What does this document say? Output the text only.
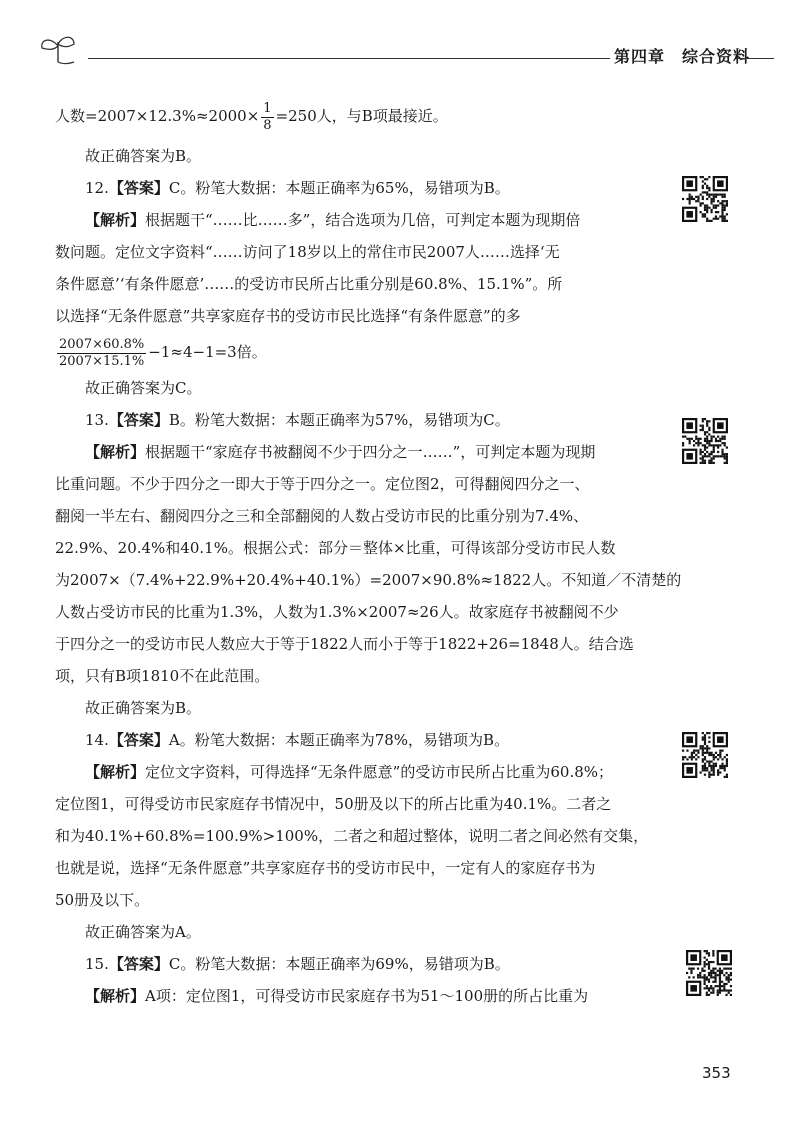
第四章　综合资料
人数$=2007\times 12.3\%\approx 2000\times \frac{1}{8} =250$人，与B项最接近。
故正确答案为B。
12.【答案】C。粉笔大数据：本题正确率为65%，易错项为B。
【解析】根据题干“……比……多”，结合选项为几倍，可判定本题为现期倍
数问题。定位文字资料“……访问了18岁以上的常住市民2007人……选择‘无
条件愿意’‘有条件愿意’……的受访市民所占比重分别是60.8%、15.1%”。所
以选择“无条件愿意”共享家庭存书的受访市民比选择“有条件愿意”的多
$\frac{2007\times 60.8\%}{2007\times 15.1\%} -1\approx 4-1=3$倍。
故正确答案为C。
13.【答案】B。粉笔大数据：本题正确率为57%，易错项为C。
【解析】根据题干“家庭存书被翻阅不少于四分之一……”，可判定本题为现期
比重问题。不少于四分之一即大于等于四分之一。定位图2，可得翻阅四分之一、
翻阅一半左右、翻阅四分之三和全部翻阅的人数占受访市民的比重分别为7.4%、
22.9%、20.4%和40.1%。根据公式：部分＝整体×比重，可得该部分受访市民人数
为2007×（7.4%+22.9%+20.4%+40.1%）=2007×90.8%≈1822人。不知道／不清楚的
人数占受访市民的比重为1.3%，人数为1.3%×2007≈26人。故家庭存书被翻阅不少
于四分之一的受访市民人数应大于等于1822人而小于等于1822+26=1848人。结合选
项，只有B项1810不在此范围。
故正确答案为B。
14.【答案】A。粉笔大数据：本题正确率为78%，易错项为B。
【解析】定位文字资料，可得选择“无条件愿意”的受访市民所占比重为60.8%；
定位图1，可得受访市民家庭存书情况中，50册及以下的所占比重为40.1%。二者之
和为40.1%+60.8%=100.9%>100%，二者之和超过整体，说明二者之间必然有交集，
也就是说，选择“无条件愿意”共享家庭存书的受访市民中，一定有人的家庭存书为
50册及以下。
故正确答案为A。
15.【答案】C。粉笔大数据：本题正确率为69%，易错项为B。
【解析】A项：定位图1，可得受访市民家庭存书为51～100册的所占比重为
353
